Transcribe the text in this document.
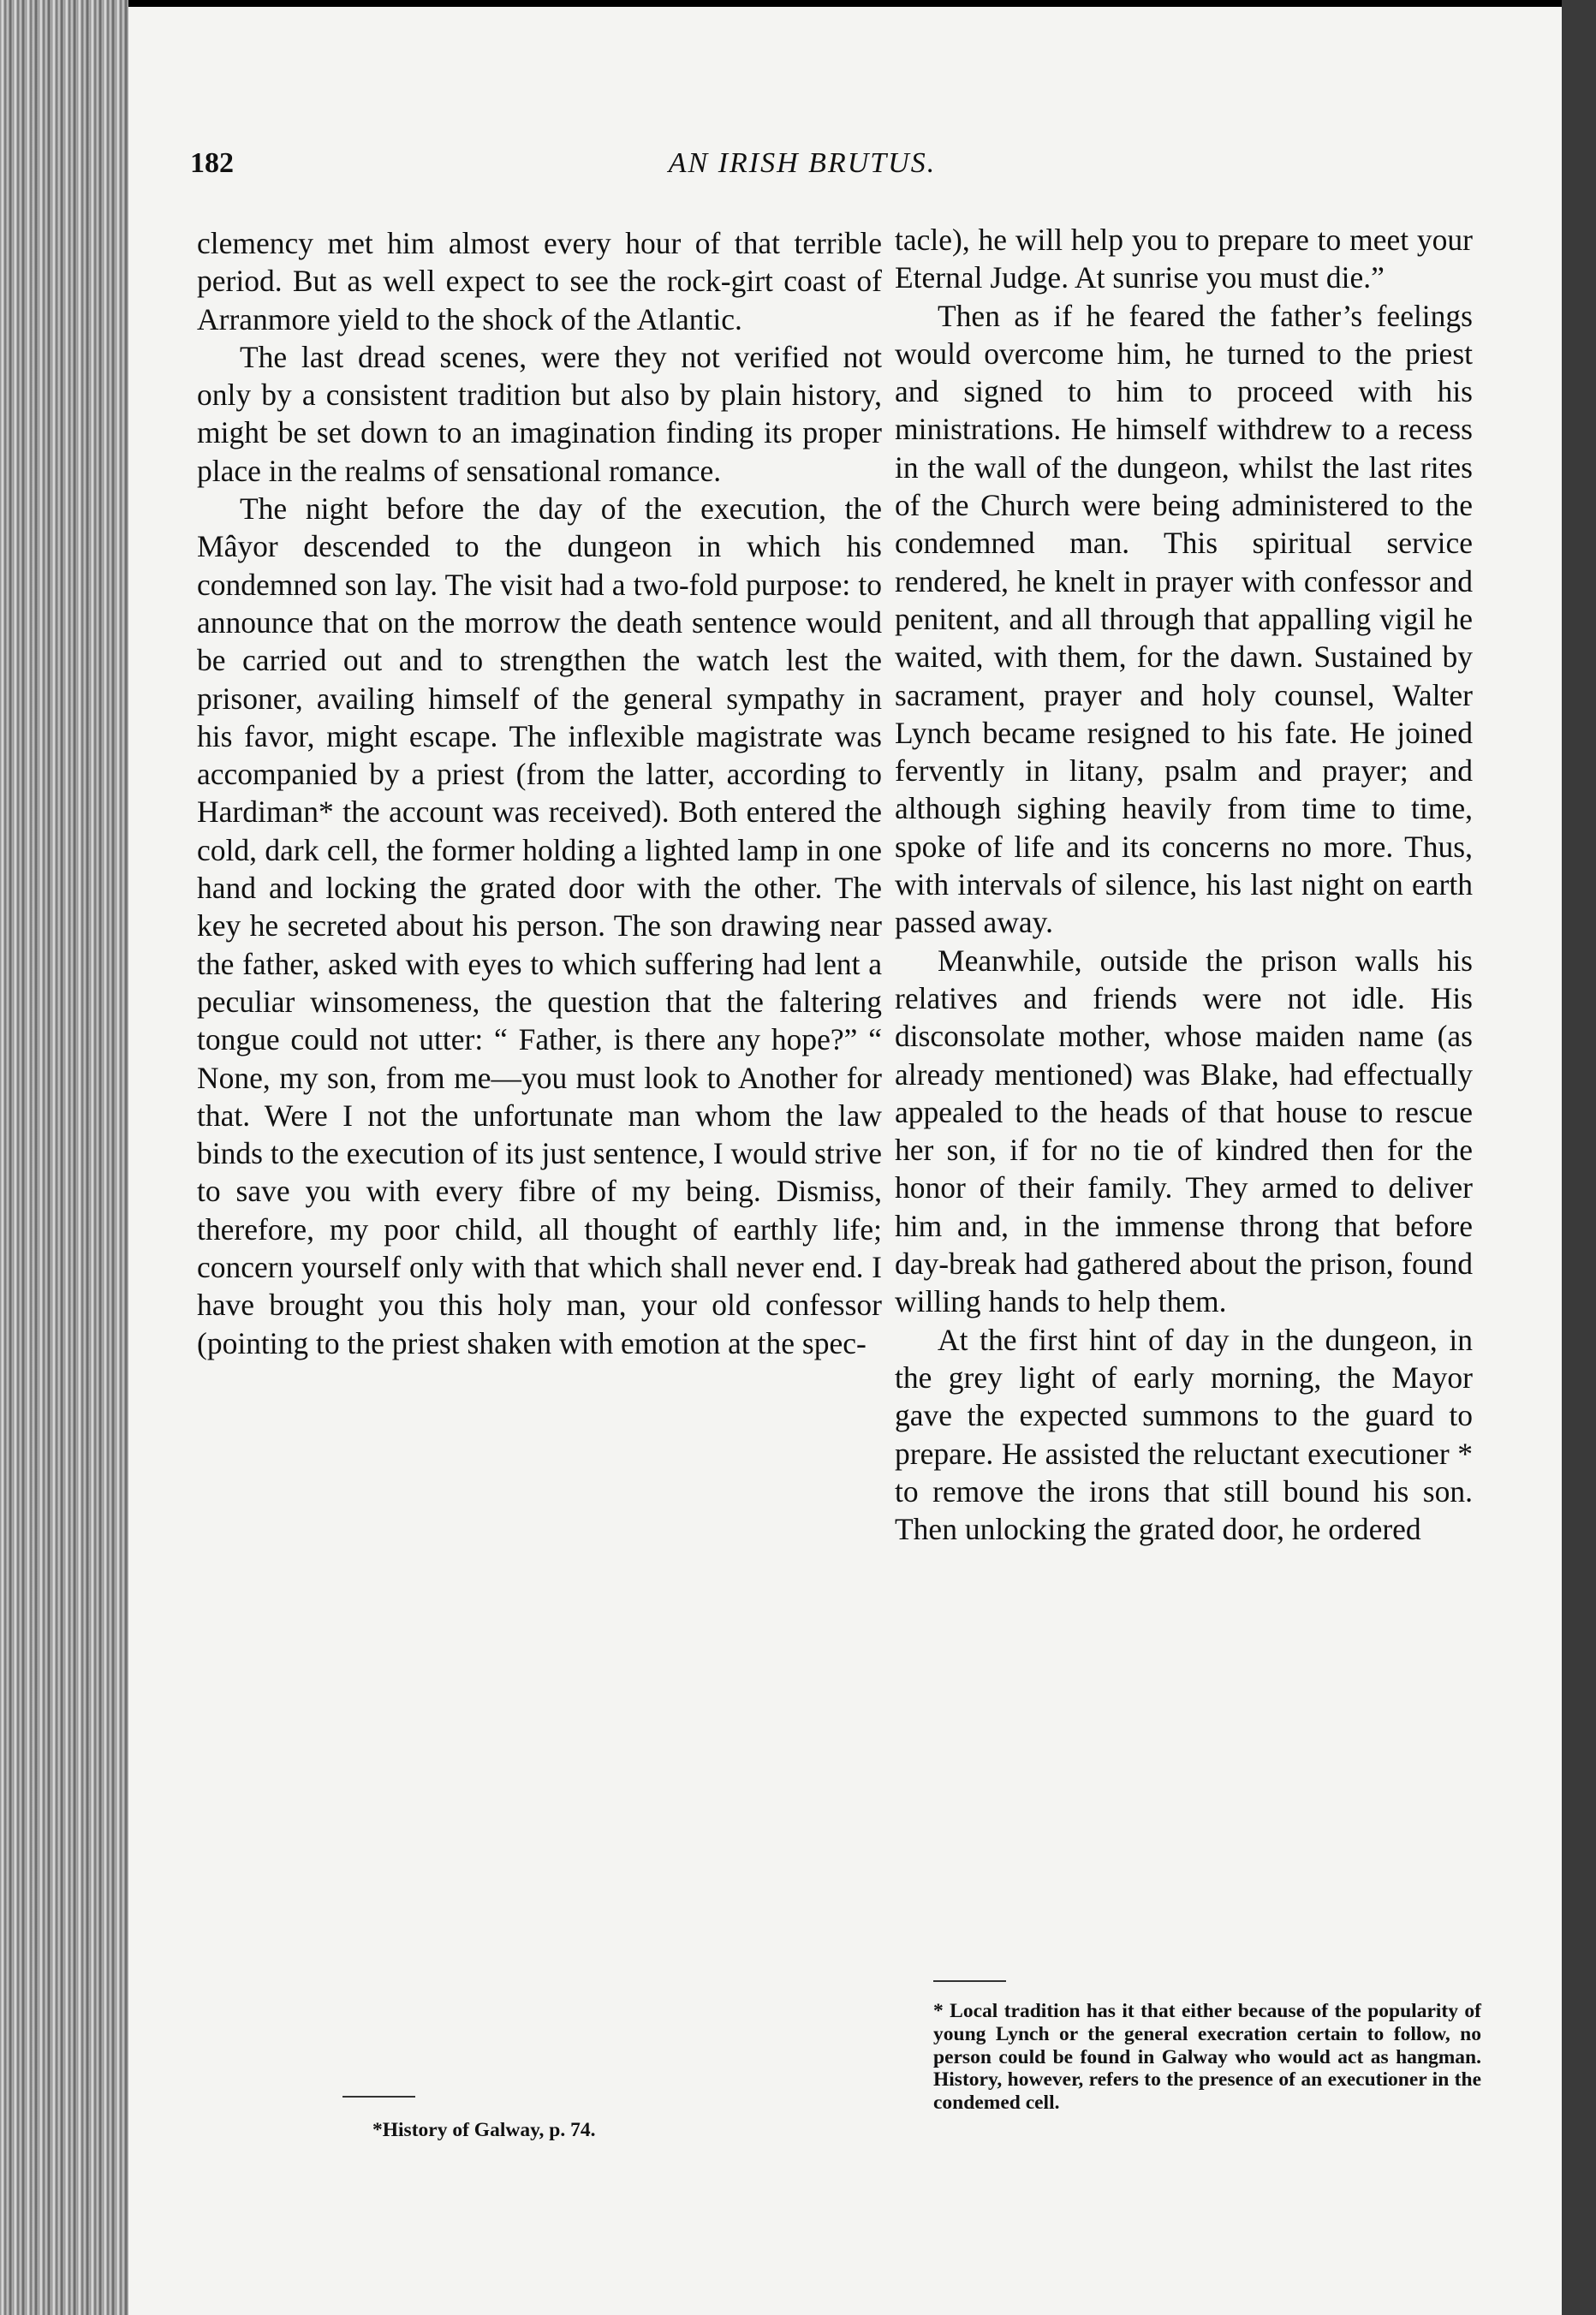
182	AN IRISH BRUTUS.

clemency met him almost every hour of that terrible period. But as well expect to see the rock-girt coast of Arranmore yield to the shock of the Atlantic.

The last dread scenes, were they not verified not only by a consistent tradition but also by plain history, might be set down to an imagination finding its proper place in the realms of sensational romance.

The night before the day of the execution, the Mâyor descended to the dungeon in which his condemned son lay. The visit had a two-fold purpose: to announce that on the morrow the death sentence would be carried out and to strengthen the watch lest the prisoner, availing himself of the general sympathy in his favor, might escape. The inflexible magistrate was accompanied by a priest (from the latter, according to Hardiman* the account was received). Both entered the cold, dark cell, the former holding a lighted lamp in one hand and locking the grated door with the other. The key he secreted about his person. The son drawing near the father, asked with eyes to which suffering had lent a peculiar winsomeness, the question that the faltering tongue could not utter: “ Father, is there any hope?” “ None, my son, from me—you must look to Another for that. Were I not the unfortunate man whom the law binds to the execution of its just sentence, I would strive to save you with every fibre of my being. Dismiss, therefore, my poor child, all thought of earthly life; concern yourself only with that which shall never end. I have brought you this holy man, your old confessor (pointing to the priest shaken with emotion at the spec-

tacle), he will help you to prepare to meet your Eternal Judge. At sunrise you must die.”

Then as if he feared the father’s feelings would overcome him, he turned to the priest and signed to him to proceed with his ministrations. He himself withdrew to a recess in the wall of the dungeon, whilst the last rites of the Church were being administered to the condemned man. This spiritual service rendered, he knelt in prayer with confessor and penitent, and all through that appalling vigil he waited, with them, for the dawn. Sustained by sacrament, prayer and holy counsel, Walter Lynch became resigned to his fate. He joined fervently in litany, psalm and prayer; and although sighing heavily from time to time, spoke of life and its concerns no more. Thus, with intervals of silence, his last night on earth passed away.

Meanwhile, outside the prison walls his relatives and friends were not idle. His disconsolate mother, whose maiden name (as already mentioned) was Blake, had effectually appealed to the heads of that house to rescue her son, if for no tie of kindred then for the honor of their family. They armed to deliver him and, in the immense throng that before day-break had gathered about the prison, found willing hands to help them.

At the first hint of day in the dungeon, in the grey light of early morning, the Mayor gave the expected summons to the guard to prepare. He assisted the reluctant executioner * to remove the irons that still bound his son. Then unlocking the grated door, he ordered

*History of Galway, p. 74.
* Local tradition has it that either because of the popularity of young Lynch or the general execration certain to follow, no person could be found in Galway who would act as hangman. History, however, refers to the presence of an executioner in the condemed cell.
